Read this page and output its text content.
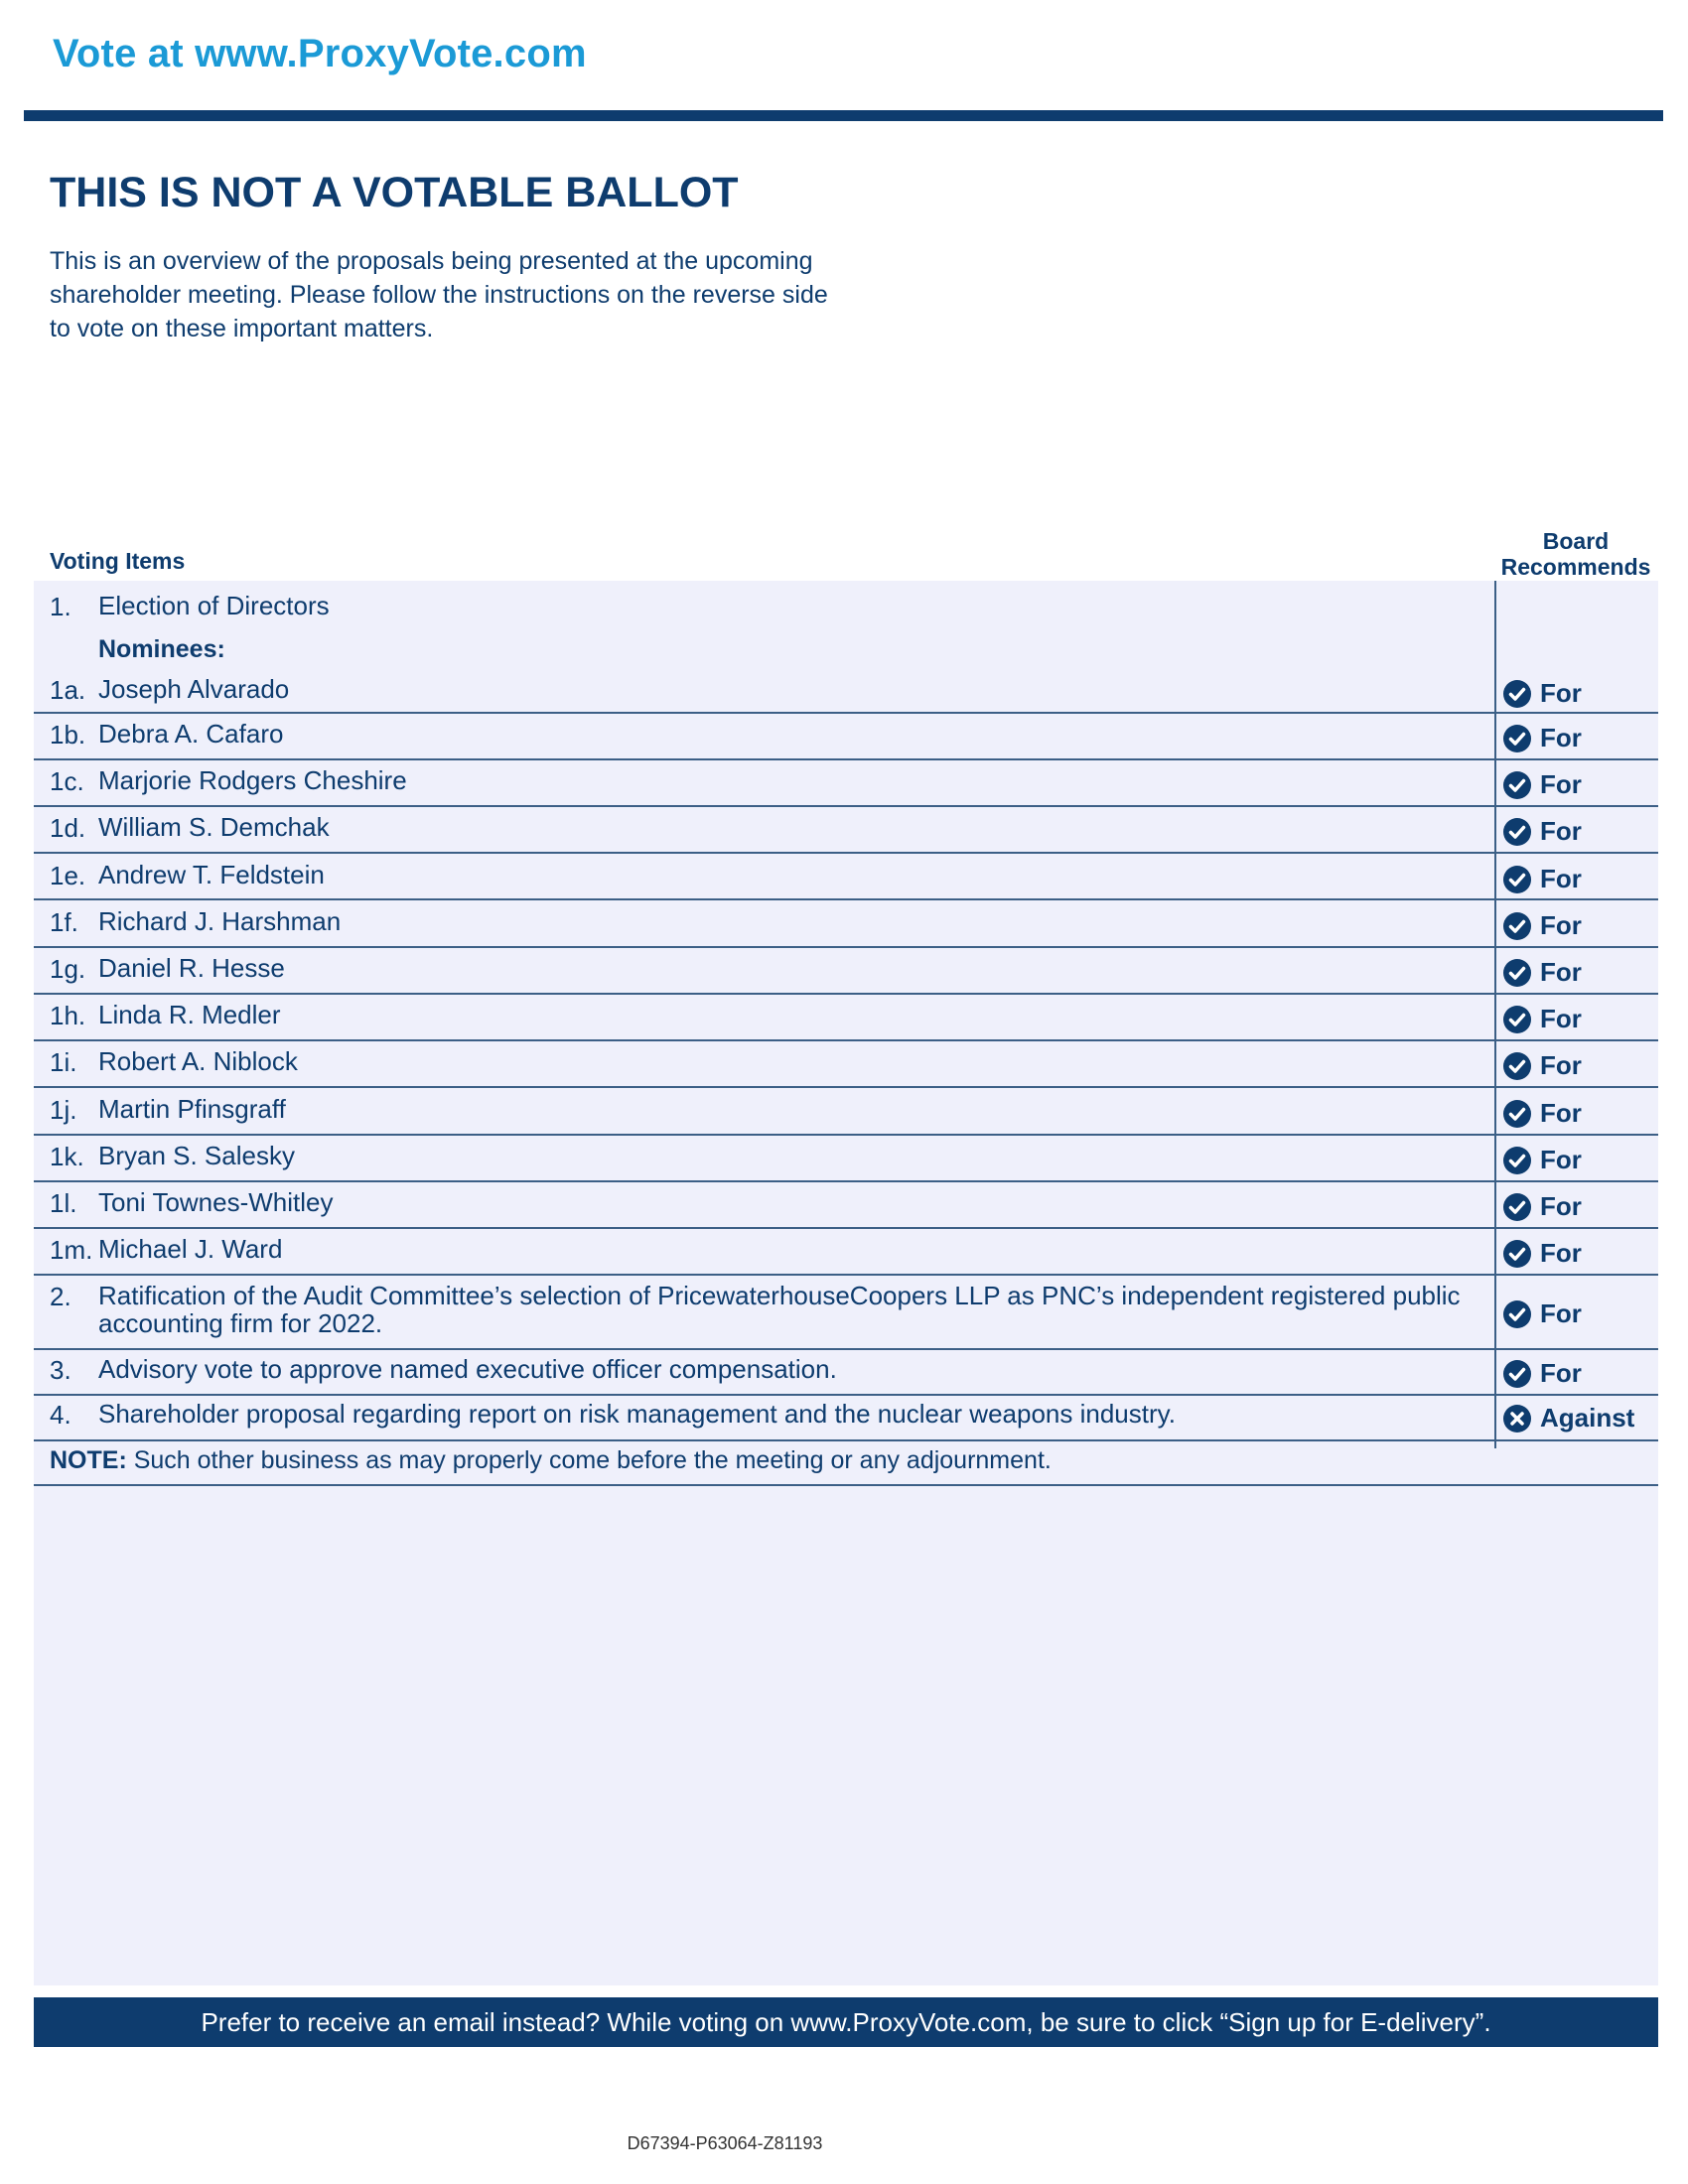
Vote at www.ProxyVote.com
THIS IS NOT A VOTABLE BALLOT
This is an overview of the proposals being presented at the upcoming shareholder meeting. Please follow the instructions on the reverse side to vote on these important matters.
Voting Items
Board
Recommends
1. Election of Directors
Nominees:
1a. Joseph Alvarado	For
1b. Debra A. Cafaro	For
1c. Marjorie Rodgers Cheshire	For
1d. William S. Demchak	For
1e. Andrew T. Feldstein	For
1f. Richard J. Harshman	For
1g. Daniel R. Hesse	For
1h. Linda R. Medler	For
1i. Robert A. Niblock	For
1j. Martin Pfinsgraff	For
1k. Bryan S. Salesky	For
1l. Toni Townes-Whitley	For
1m. Michael J. Ward	For
2. Ratification of the Audit Committee’s selection of PricewaterhouseCoopers LLP as PNC’s independent registered public accounting firm for 2022.	For
3. Advisory vote to approve named executive officer compensation.	For
4. Shareholder proposal regarding report on risk management and the nuclear weapons industry.	Against
NOTE: Such other business as may properly come before the meeting or any adjournment.
Prefer to receive an email instead? While voting on www.ProxyVote.com, be sure to click “Sign up for E-delivery”.
D67394-P63064-Z81193
